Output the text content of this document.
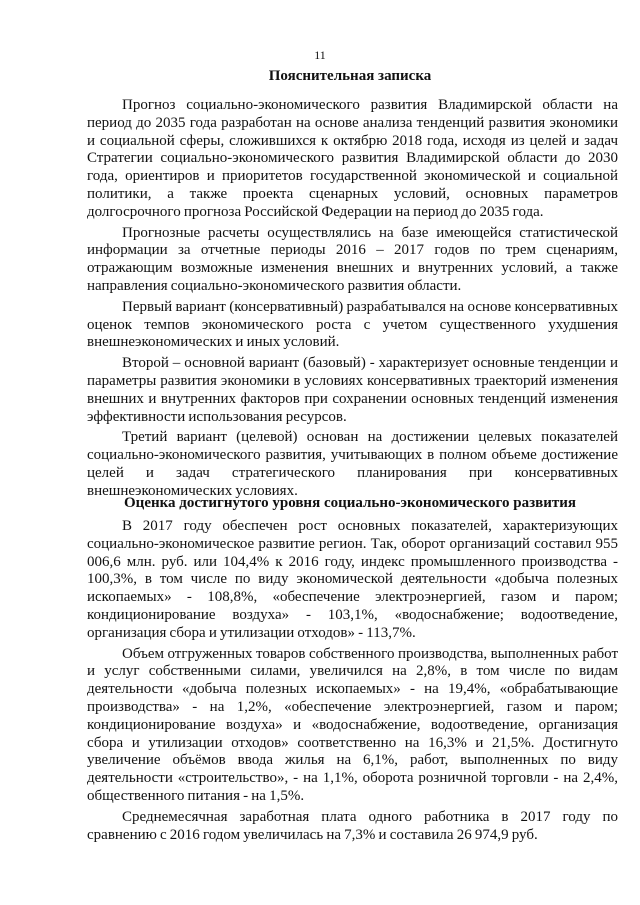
11
Пояснительная записка

Прогноз социально-экономического развития Владимирской области на период до 2035 года разработан на основе анализа тенденций развития экономики и социальной сферы, сложившихся к октябрю 2018 года, исходя из целей и задач Стратегии социально-экономического развития Владимирской области до 2030 года, ориентиров и приоритетов государственной экономической и социальной политики, а также проекта сценарных условий, основных параметров долгосрочного прогноза Российской Федерации на период до 2035 года.

Прогнозные расчеты осуществлялись на базе имеющейся статистической информации за отчетные периоды 2016 – 2017 годов по трем сценариям, отражающим возможные изменения внешних и внутренних условий, а также направления социально-экономического развития области.

Первый вариант (консервативный) разрабатывался на основе консервативных оценок темпов экономического роста с учетом существенного ухудшения внешнеэкономических и иных условий.

Второй – основной вариант (базовый) - характеризует основные тенденции и параметры развития экономики в условиях консервативных траекторий изменения внешних и внутренних факторов при сохранении основных тенденций изменения эффективности использования ресурсов.

Третий вариант (целевой) основан на достижении целевых показателей социально-экономического развития, учитывающих в полном объеме достижение целей и задач стратегического планирования при консервативных внешнеэкономических условиях.

Оценка достигнутого уровня социально-экономического развития

В 2017 году обеспечен рост основных показателей, характеризующих социально-экономическое развитие регион. Так, оборот организаций составил 955 006,6 млн. руб. или 104,4% к 2016 году, индекс промышленного производства - 100,3%, в том числе по виду экономической деятельности «добыча полезных ископаемых» - 108,8%, «обеспечение электроэнергией, газом и паром; кондиционирование воздуха» - 103,1%, «водоснабжение; водоотведение, организация сбора и утилизации отходов» - 113,7%.

Объем отгруженных товаров собственного производства, выполненных работ и услуг собственными силами, увеличился на 2,8%, в том числе по видам деятельности «добыча полезных ископаемых» - на 19,4%, «обрабатывающие производства» - на 1,2%, «обеспечение электроэнергией, газом и паром; кондиционирование воздуха» и «водоснабжение, водоотведение, организация сбора и утилизации отходов» соответственно на 16,3% и 21,5%. Достигнуто увеличение объёмов ввода жилья на 6,1%, работ, выполненных по виду деятельности «строительство», - на 1,1%, оборота розничной торговли - на 2,4%, общественного питания - на 1,5%.

Среднемесячная заработная плата одного работника в 2017 году по сравнению с 2016 годом увеличилась на 7,3% и составила 26 974,9 руб.
